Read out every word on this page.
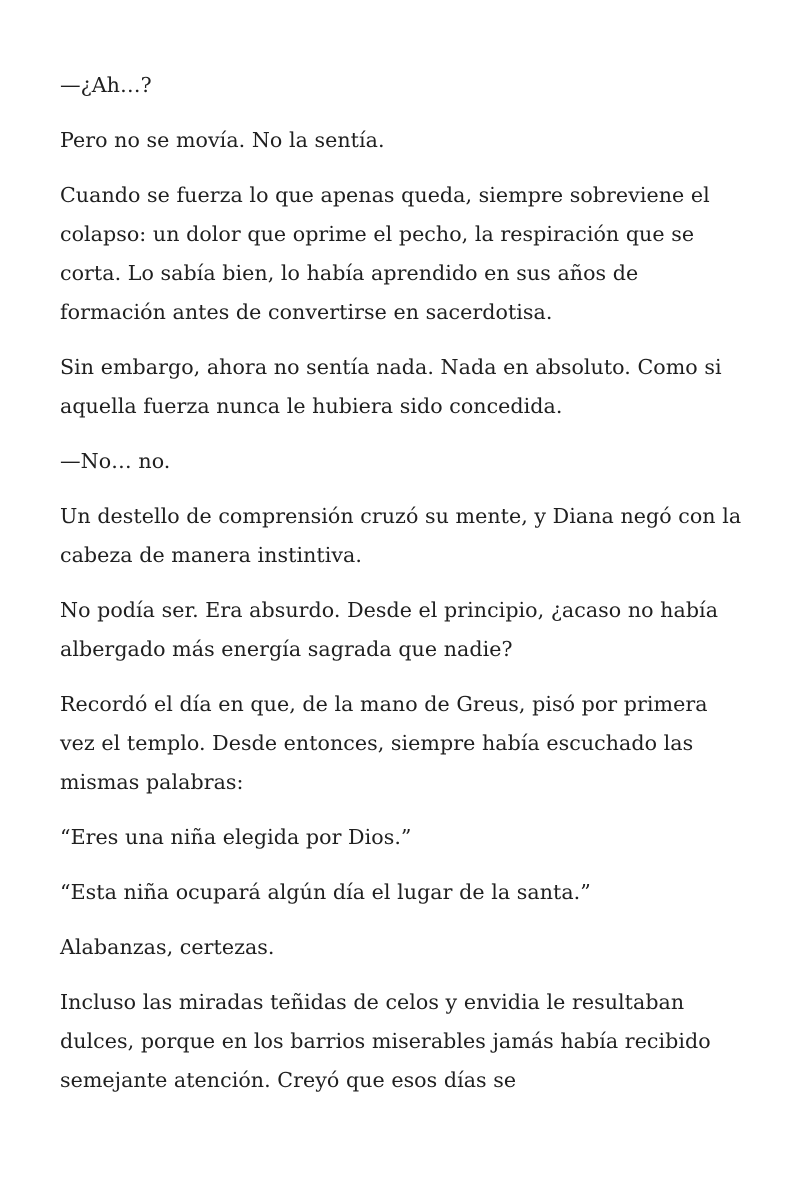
—¿Ah…?

Pero no se movía. No la sentía.

Cuando se fuerza lo que apenas queda, siempre sobreviene el colapso: un dolor que oprime el pecho, la respiración que se corta. Lo sabía bien, lo había aprendido en sus años de formación antes de convertirse en sacerdotisa.

Sin embargo, ahora no sentía nada. Nada en absoluto. Como si aquella fuerza nunca le hubiera sido concedida.

—No… no.

Un destello de comprensión cruzó su mente, y Diana negó con la cabeza de manera instintiva.

No podía ser. Era absurdo. Desde el principio, ¿acaso no había albergado más energía sagrada que nadie?

Recordó el día en que, de la mano de Greus, pisó por primera vez el templo. Desde entonces, siempre había escuchado las mismas palabras:

“Eres una niña elegida por Dios.”

“Esta niña ocupará algún día el lugar de la santa.”

Alabanzas, certezas.

Incluso las miradas teñidas de celos y envidia le resultaban dulces, porque en los barrios miserables jamás había recibido semejante atención. Creyó que esos días se
